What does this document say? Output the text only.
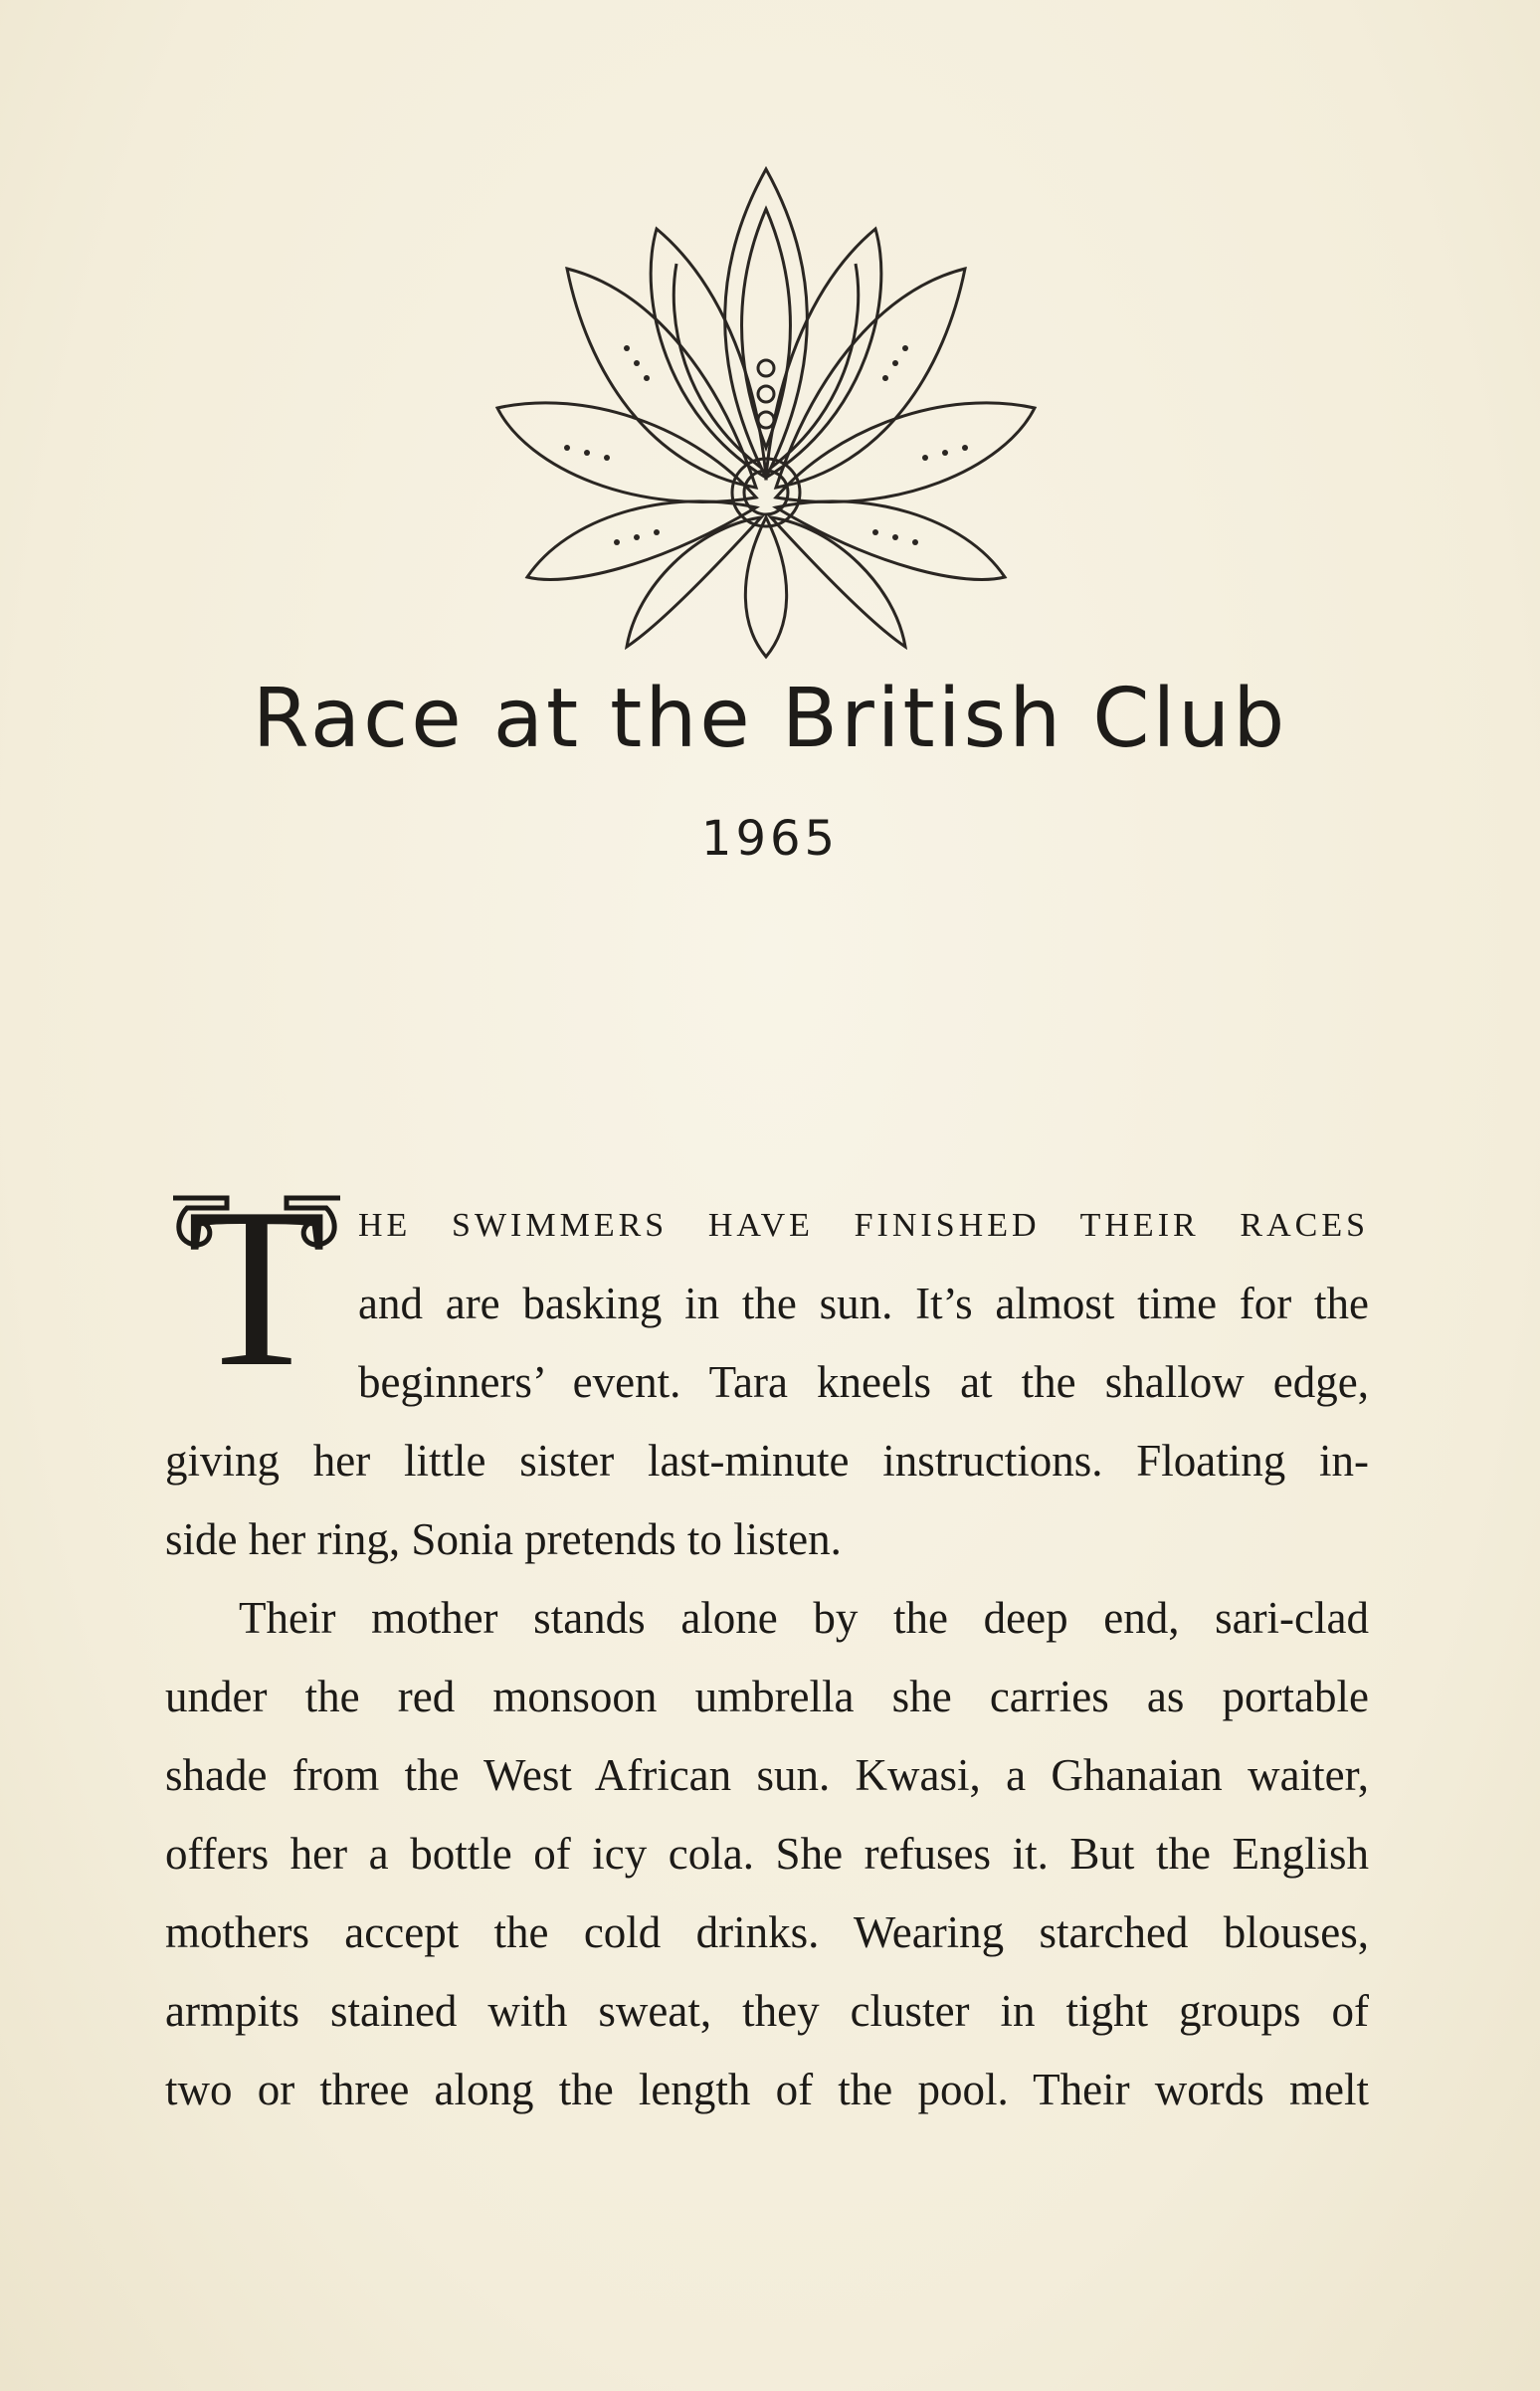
Race at the British Club
1965
T HE SWIMMERS HAVE FINISHED THEIR RACES
and are basking in the sun. It’s almost time for the
beginners’ event. Tara kneels at the shallow edge,
giving her little sister last-minute instructions. Floating in-
side her ring, Sonia pretends to listen.
Their mother stands alone by the deep end, sari-clad
under the red monsoon umbrella she carries as portable
shade from the West African sun. Kwasi, a Ghanaian waiter,
offers her a bottle of icy cola. She refuses it. But the English
mothers accept the cold drinks. Wearing starched blouses,
armpits stained with sweat, they cluster in tight groups of
two or three along the length of the pool. Their words melt
